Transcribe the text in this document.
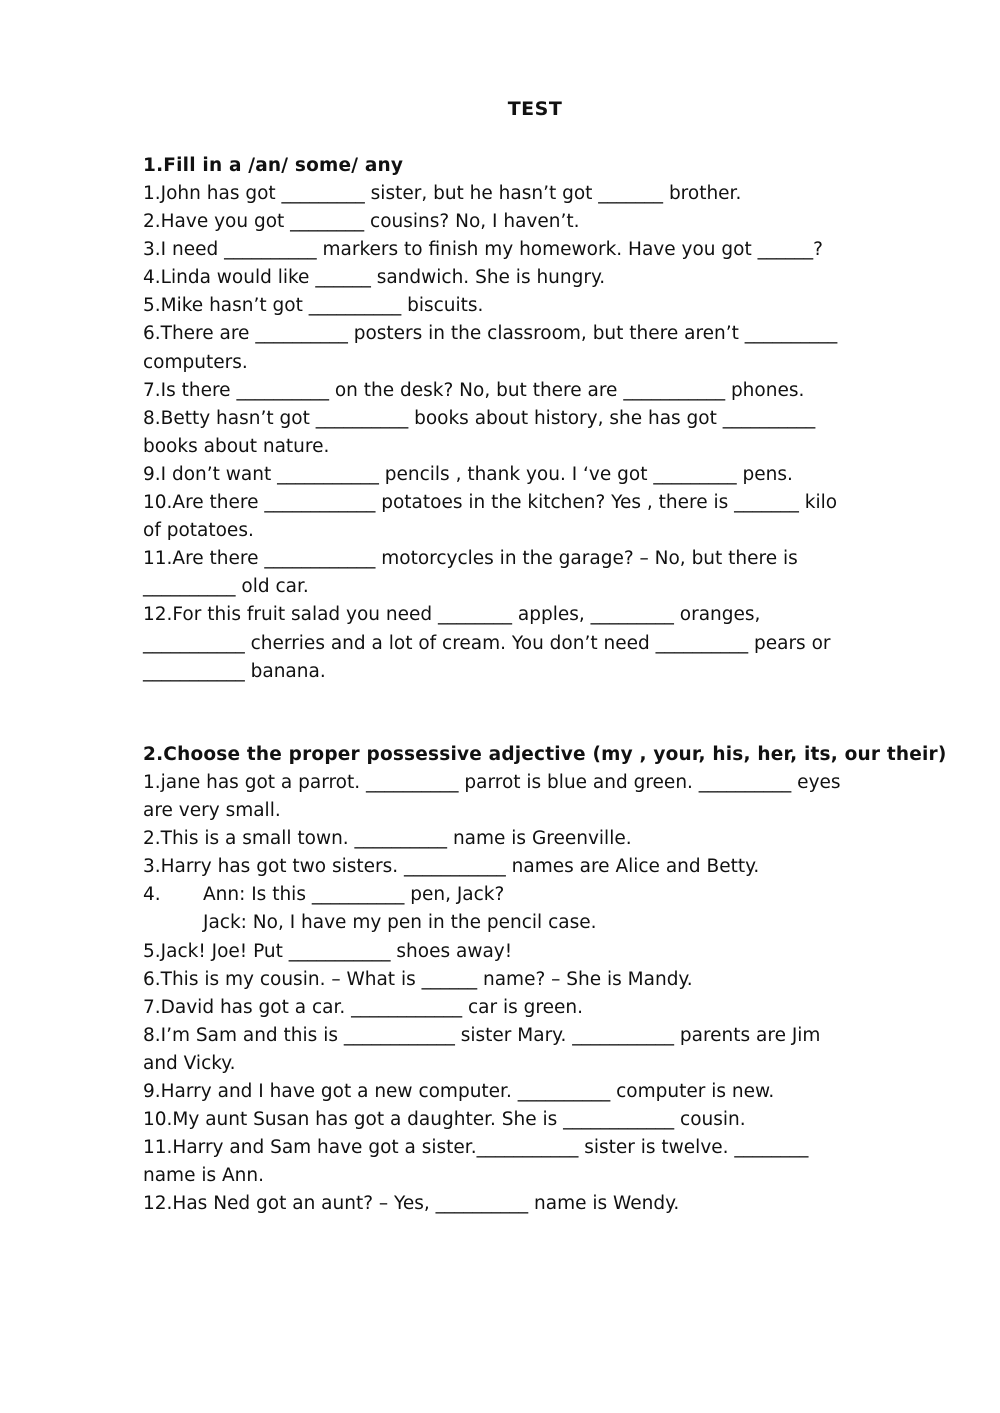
TEST
1.Fill in a /an/ some/ any
1.John has got _________ sister, but he hasn’t got _______ brother.
2.Have you got ________ cousins? No, I haven’t.
3.I need __________ markers to finish my homework. Have you got ______?
4.Linda would like ______ sandwich. She is hungry.
5.Mike hasn’t got __________ biscuits.
6.There are __________ posters in the classroom, but there aren’t __________
computers.
7.Is there __________ on the desk? No, but there are ___________ phones.
8.Betty hasn’t got __________ books about history, she has got __________
books about nature.
9.I don’t want ___________ pencils , thank you. I ‘ve got _________ pens.
10.Are there ____________ potatoes in the kitchen? Yes , there is _______ kilo
of potatoes.
11.Are there ____________ motorcycles in the garage? – No, but there is
__________ old car.
12.For this fruit salad you need ________ apples, _________ oranges,
___________ cherries and a lot of cream. You don’t need __________ pears or
___________ banana.
2.Choose the proper possessive adjective (my , your, his, her, its, our their)
1.jane has got a parrot. __________ parrot is blue and green. __________ eyes
are very small.
2.This is a small town. __________ name is Greenville.
3.Harry has got two sisters. ___________ names are Alice and Betty.
4. Ann: Is this __________ pen, Jack?
Jack: No, I have my pen in the pencil case.
5.Jack! Joe! Put ___________ shoes away!
6.This is my cousin. – What is ______ name? – She is Mandy.
7.David has got a car. ____________ car is green.
8.I’m Sam and this is ____________ sister Mary. ___________ parents are Jim
and Vicky.
9.Harry and I have got a new computer. __________ computer is new.
10.My aunt Susan has got a daughter. She is ____________ cousin.
11.Harry and Sam have got a sister.___________ sister is twelve. ________
name is Ann.
12.Has Ned got an aunt? – Yes, __________ name is Wendy.
